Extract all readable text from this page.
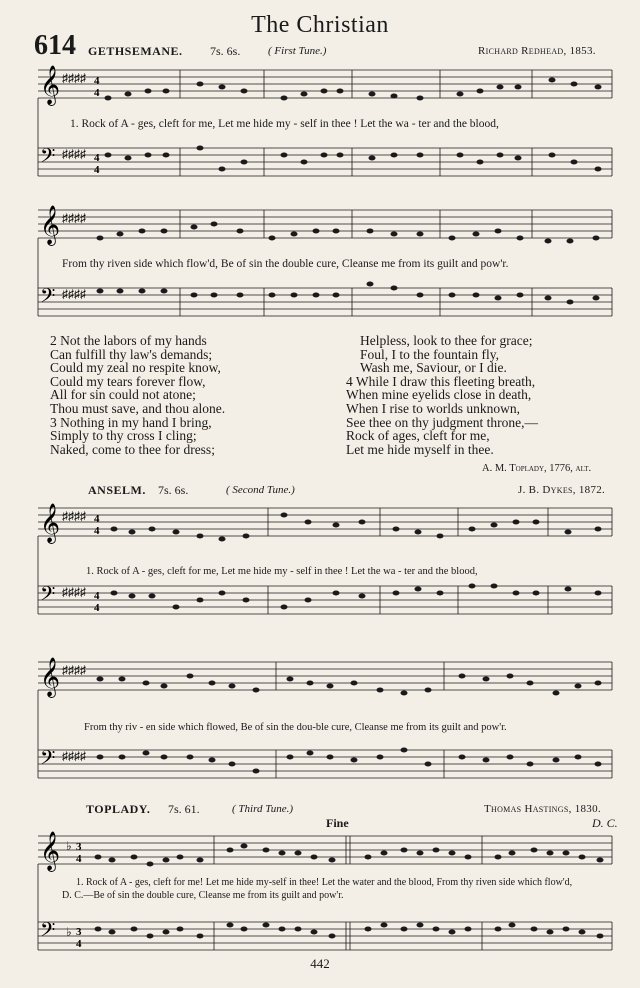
The Christian
614 GETHSEMANE. 7s. 6s.	( First Tune.)	Richard Redhead, 1853.
𝄞 ♯♯♯♯ 4
4
𝄢 ♯♯♯♯ 4
4
1. Rock of A - ges, cleft for me, Let me hide my - self in thee ! Let the wa - ter and the blood,
𝄞 ♯♯♯♯
𝄢 ♯♯♯♯
From thy riven side which flow'd, Be of sin the double cure, Cleanse me from its guilt and pow'r.
2 Not the labors of my hands
Can fulfill thy law's demands;
Could my zeal no respite know,
Could my tears forever flow,
All for sin could not atone;
Thou must save, and thou alone.
3 Nothing in my hand I bring,
Simply to thy cross I cling;
Naked, come to thee for dress;
Helpless, look to thee for grace;
Foul, I to the fountain fly,
Wash me, Saviour, or I die.
4 While I draw this fleeting breath,
When mine eyelids close in death,
When I rise to worlds unknown,
See thee on thy judgment throne,—
Rock of ages, cleft for me,
Let me hide myself in thee.
A. M. Toplady, 1776, alt.
ANSELM. 7s. 6s.	( Second Tune.)	J. B. Dykes, 1872.
𝄞 ♯♯♯♯ 4
4
𝄢 ♯♯♯♯ 4
4
1. Rock of A - ges, cleft for me, Let me hide my - self in thee ! Let the wa - ter and the blood,
𝄞 ♯♯♯♯
𝄢 ♯♯♯♯
From thy riv - en side which flowed, Be of sin the dou-ble cure, Cleanse me from its guilt and pow'r.
TOPLADY. 7s. 61.	( Third Tune.)	Thomas Hastings, 1830.
Fine	D. C.
𝄞 ♭ 3
4
𝄢 ♭ 3
4
1. Rock of A - ges, cleft for me! Let me hide my-self in thee! Let the water and the blood, From thy riven side which flow'd,
D. C.—Be of sin the double cure, Cleanse me from its guilt and pow'r.
442
